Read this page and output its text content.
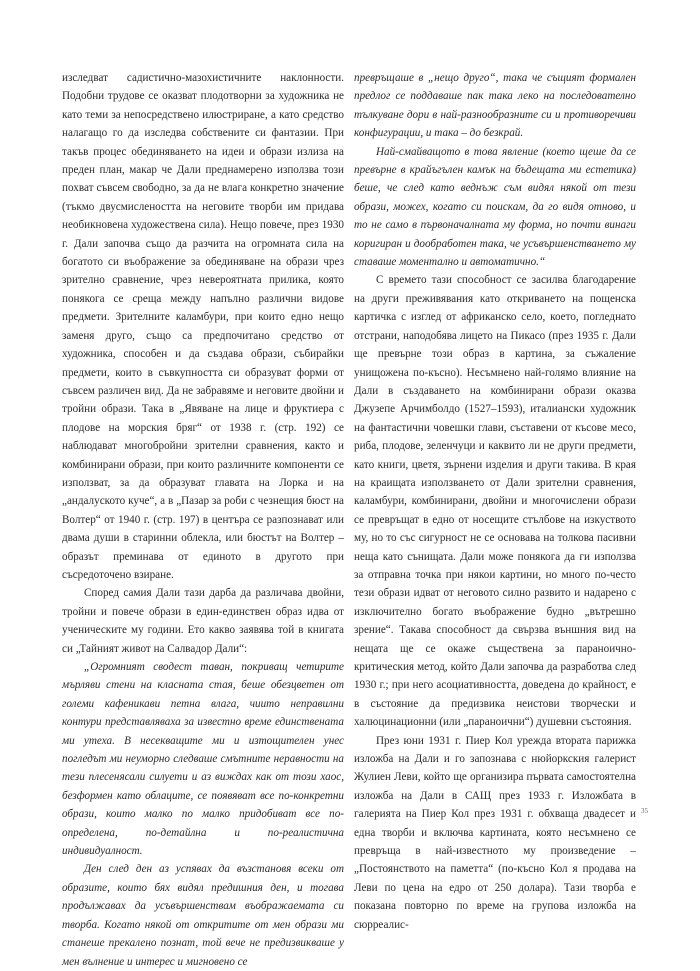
изследват садистично-мазохистичните наклонности. Подобни трудове се оказват плодотворни за художника не като теми за непосредствено илюстриране, а като средство налагащо го да изследва собствените си фантазии. При такъв процес обединяването на идеи и образи излиза на преден план, макар че Дали преднамерено използва този похват съвсем свободно, за да не влага конкретно значение (тъкмо двусмислеността на неговите творби им придава необикновена художествена сила). Нещо повече, през 1930 г. Дали започва също да разчита на огромната сила на богатото си въображение за обединяване на образи чрез зрително сравнение, чрез невероятната прилика, която понякога се среща между напълно различни видове предмети. Зрителните каламбури, при които едно нещо заменя друго, също са предпочитано средство от художника, способен и да създава образи, събирайки предмети, които в съвкупността си образуват форми от съвсем различен вид. Да не забравяме и неговите двойни и тройни образи. Така в „Явяване на лице и фруктиера с плодове на морския бряг“ от 1938 г. (стр. 192) се наблюдават многобройни зрителни сравнения, както и комбинирани образи, при които различните компоненти се използват, за да образуват главата на Лорка и на „андалуското куче“, а в „Пазар за роби с чезнещия бюст на Волтер“ от 1940 г. (стр. 197) в центъра се разпознават или двама души в старинни облекла, или бюстът на Волтер – образът преминава от единото в другото при съсредоточено взиране.

Според самия Дали тази дарба да различава двойни, тройни и повече образи в един-единствен образ идва от ученическите му години. Ето какво заявява той в книгата си „Тайният живот на Салвадор Дали“:

„Огромният сводест таван, покриващ четирите мърляви стени на класната стая, беше обезцветен от големи кафеникави петна влага, чиито неправилни контури представляваха за известно време единствената ми утеха. В несекващите ми и изтощителен унес погледът ми неуморно следваше смътните неравности на тези плесенясали силуети и аз виждах как от този хаос, безформен като облаците, се появяват все по-конкретни образи, които малко по малко придобиват все по-определена, по-детайлна и по-реалистична индивидуалност.

Ден след ден аз успявах да възстановя всеки от образите, които бях видял предишния ден, и тогава продължавах да усъвършенствам въображаемата си творба. Когато някой от откритите от мен образи ми станеше прекалено познат, той вече не предизвикваше у мен вълнение и интерес и мигновено се

превръщаше в „нещо друго“, така че същият формален предлог се поддаваше пак така леко на последователно тълкуване дори в най-разнообразните си и противоречиви конфигурации, и така – до безкрай.

Най-смайващото в това явление (което щеше да се превърне в крайъгълен камък на бъдещата ми естетика) беше, че след като веднъж съм видял някой от тези образи, можех, когато си поискам, да го видя отново, и то не само в първоначалната му форма, но почти винаги коригиран и дообработен така, че усъвършенстването му ставаше моментално и автоматично.“

С времето тази способност се засилва благодарение на други преживявания като откриването на пощенска картичка с изглед от африканско село, което, погледнато отстрани, наподобява лицето на Пикасо (през 1935 г. Дали ще превърне този образ в картина, за съжаление унищожена по-късно). Несъмнено най-голямо влияние на Дали в създаването на комбинирани образи оказва Джузепе Арчимболдо (1527–1593), италиански художник на фантастични човешки глави, съставени от късове месо, риба, плодове, зеленчуци и каквито ли не други предмети, като книги, цветя, зърнени изделия и други такива. В края на краищата използването от Дали зрителни сравнения, каламбури, комбинирани, двойни и многочислени образи се превръщат в едно от носещите стълбове на изкуството му, но то със сигурност не се основава на толкова пасивни неща като сънищата. Дали може понякога да ги използва за отправна точка при някои картини, но много по-често тези образи идват от неговото силно развито и надарено с изключително богато въображение будно „вътрешно зрение“. Такава способност да свързва външния вид на нещата ще се окаже съществена за параноично-критическия метод, който Дали започва да разработва след 1930 г.; при него асоциативността, доведена до крайност, е в състояние да предизвика неистови творчески и халюцинационни (или „параноични“) душевни състояния.

През юни 1931 г. Пиер Кол урежда втората парижка изложба на Дали и го запознава с нюйоркския галерист Жулиен Леви, който ще организира първата самостоятелна изложба на Дали в САЩ през 1933 г. Изложбата в галерията на Пиер Кол през 1931 г. обхваща двадесет и една творби и включва картината, която несъмнено се превръща в най-известното му произведение – „Постоянството на паметта“ (по-късно Кол я продава на Леви по цена на едро от 250 долара). Тази творба е показана повторно по време на групова изложба на сюрреалис-

35
